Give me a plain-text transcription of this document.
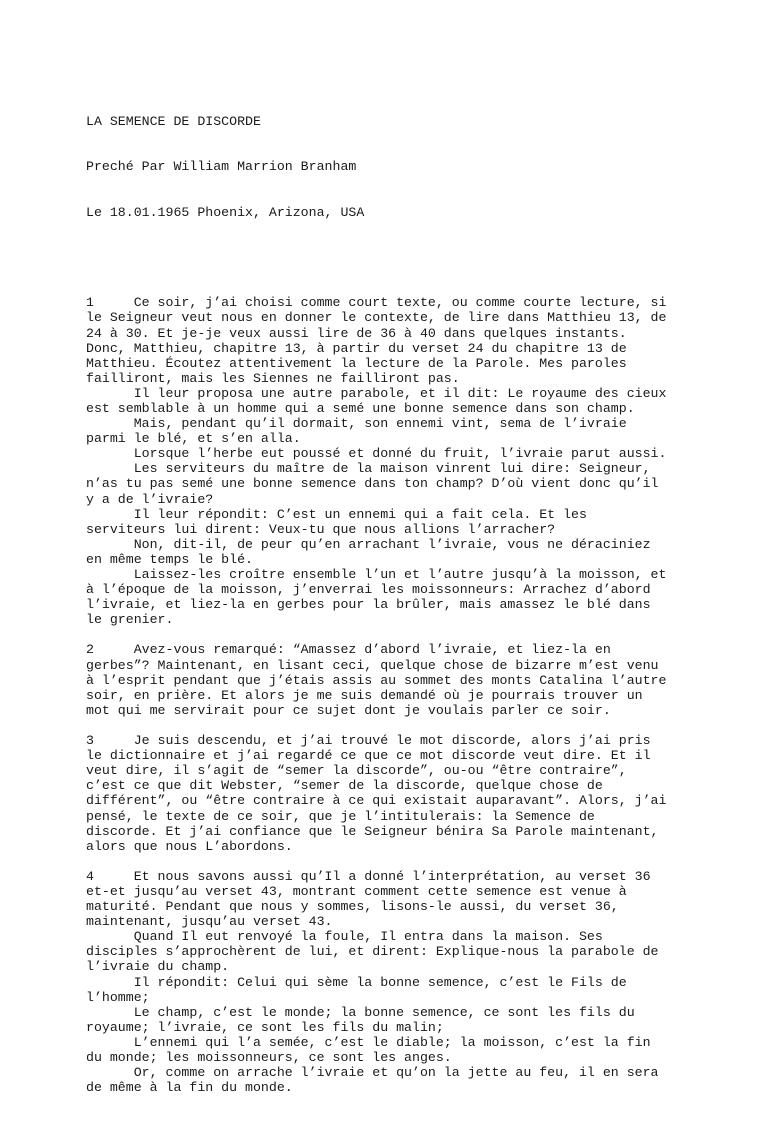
LA SEMENCE DE DISCORDE

Preché Par William Marrion Branham

Le 18.01.1965 Phoenix, Arizona, USA

1     Ce soir, j’ai choisi comme court texte, ou comme courte lecture, si
le Seigneur veut nous en donner le contexte, de lire dans Matthieu 13, de
24 à 30. Et je-je veux aussi lire de 36 à 40 dans quelques instants.
Donc, Matthieu, chapitre 13, à partir du verset 24 du chapitre 13 de
Matthieu. Écoutez attentivement la lecture de la Parole. Mes paroles
failliront, mais les Siennes ne failliront pas.
Il leur proposa une autre parabole, et il dit: Le royaume des cieux
est semblable à un homme qui a semé une bonne semence dans son champ.
Mais, pendant qu’il dormait, son ennemi vint, sema de l’ivraie
parmi le blé, et s’en alla.
Lorsque l’herbe eut poussé et donné du fruit, l’ivraie parut aussi.
Les serviteurs du maître de la maison vinrent lui dire: Seigneur,
n’as tu pas semé une bonne semence dans ton champ? D’où vient donc qu’il
y a de l’ivraie?
Il leur répondit: C’est un ennemi qui a fait cela. Et les
serviteurs lui dirent: Veux-tu que nous allions l’arracher?
Non, dit-il, de peur qu’en arrachant l’ivraie, vous ne déraciniez
en même temps le blé.
Laissez-les croître ensemble l’un et l’autre jusqu’à la moisson, et
à l’époque de la moisson, j’enverrai les moissonneurs: Arrachez d’abord
l’ivraie, et liez-la en gerbes pour la brûler, mais amassez le blé dans
le grenier.
2     Avez-vous remarqué: “Amassez d’abord l’ivraie, et liez-la en
gerbes”? Maintenant, en lisant ceci, quelque chose de bizarre m’est venu
à l’esprit pendant que j’étais assis au sommet des monts Catalina l’autre
soir, en prière. Et alors je me suis demandé où je pourrais trouver un
mot qui me servirait pour ce sujet dont je voulais parler ce soir.
3     Je suis descendu, et j’ai trouvé le mot discorde, alors j’ai pris
le dictionnaire et j’ai regardé ce que ce mot discorde veut dire. Et il
veut dire, il s’agit de “semer la discorde”, ou-ou “être contraire”,
c’est ce que dit Webster, “semer de la discorde, quelque chose de
différent”, ou “être contraire à ce qui existait auparavant”. Alors, j’ai
pensé, le texte de ce soir, que je l’intitulerais: la Semence de
discorde. Et j’ai confiance que le Seigneur bénira Sa Parole maintenant,
alors que nous L’abordons.
4     Et nous savons aussi qu’Il a donné l’interprétation, au verset 36
et-et jusqu’au verset 43, montrant comment cette semence est venue à
maturité. Pendant que nous y sommes, lisons-le aussi, du verset 36,
maintenant, jusqu’au verset 43.
Quand Il eut renvoyé la foule, Il entra dans la maison. Ses
disciples s’approchèrent de lui, et dirent: Explique-nous la parabole de
l’ivraie du champ.
Il répondit: Celui qui sème la bonne semence, c’est le Fils de
l’homme;
Le champ, c’est le monde; la bonne semence, ce sont les fils du
royaume; l’ivraie, ce sont les fils du malin;
L’ennemi qui l’a semée, c’est le diable; la moisson, c’est la fin
du monde; les moissonneurs, ce sont les anges.
Or, comme on arrache l’ivraie et qu’on la jette au feu, il en sera
de même à la fin du monde.
